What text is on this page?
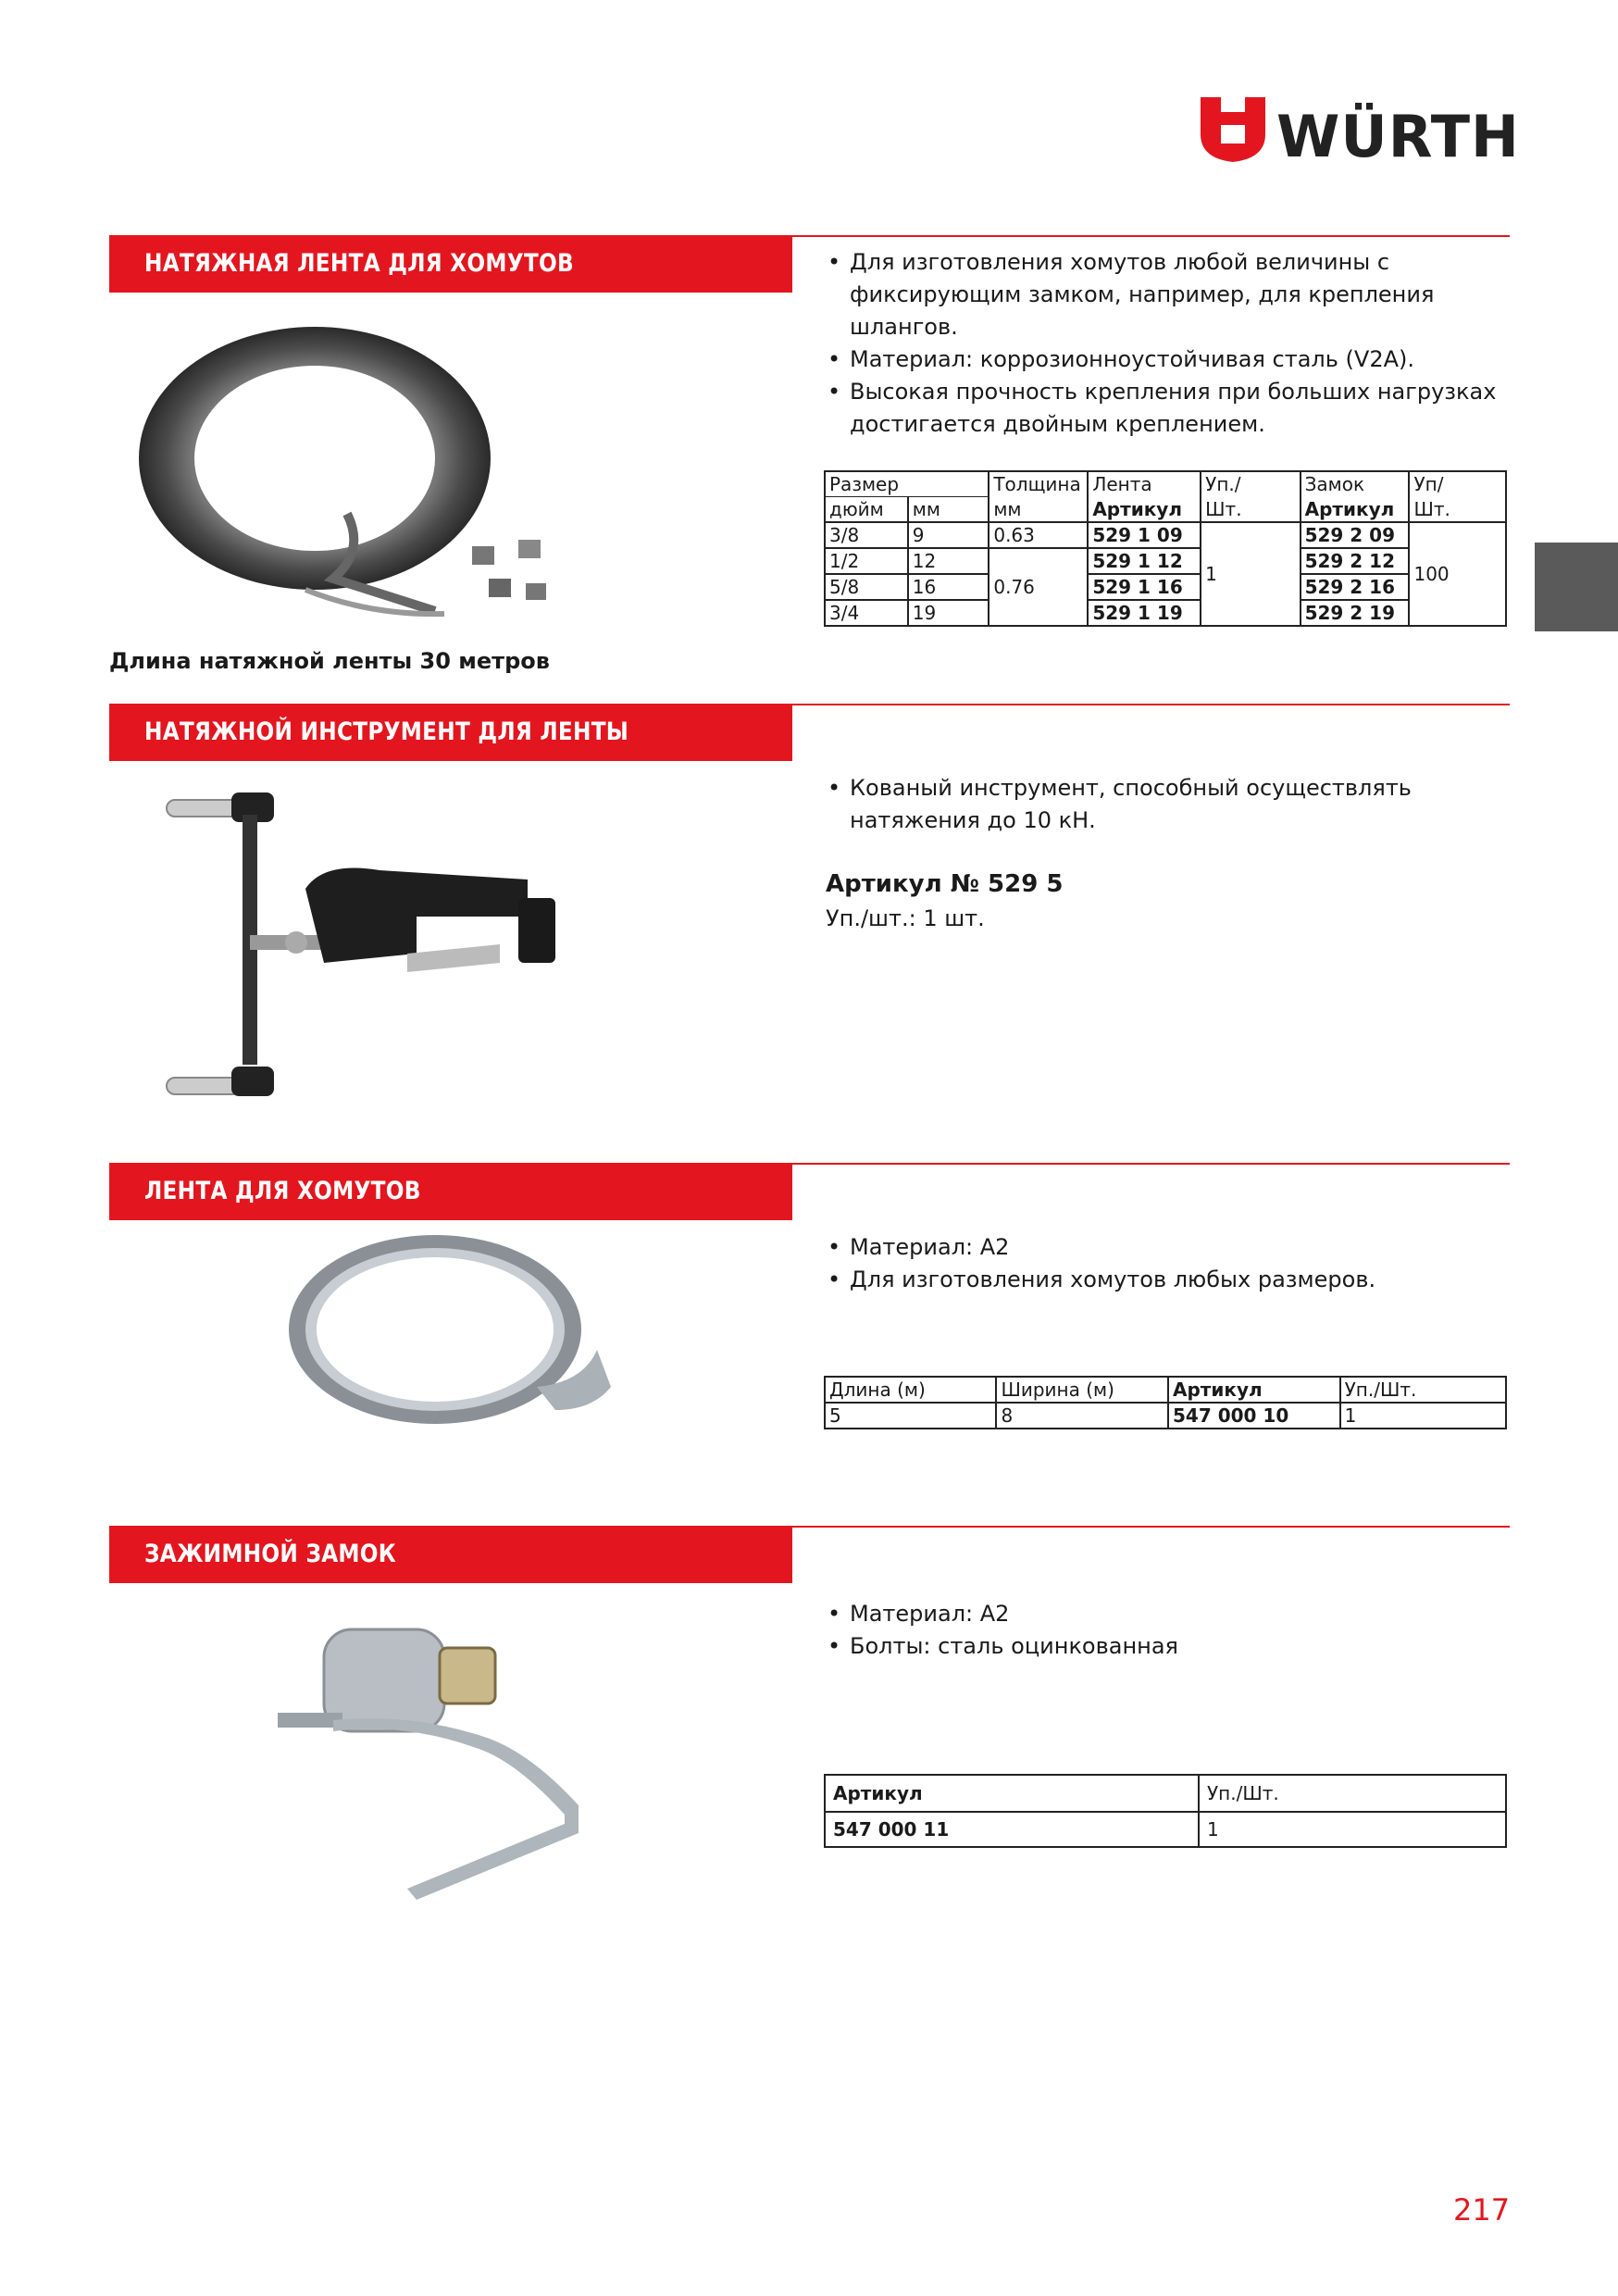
WÜRTH
НАТЯЖНАЯ ЛЕНТА ДЛЯ ХОМУТОВ	• Для изготовления хомутов любой величины с фиксирующим замком, например, для крепления шлангов.
• Материал: коррозионноустойчивая сталь (V2A).
• Высокая прочность крепления при больших нагрузках достигается двойным креплением.
Длина натяжной ленты 30 метров
Размер		Толщина	Лента	Уп./	Замок	Уп/
дюйм	мм	мм	Артикул	Шт.	Артикул	Шт.
3/8	9	0.63	529 1 09	1	529 2 09	100
1/2	12	0.76	529 1 12		529 2 12	
5/8	16		529 1 16		529 2 16	
3/4	19		529 1 19		529 2 19	
НАТЯЖНОЙ ИНСТРУМЕНТ ДЛЯ ЛЕНТЫ
• Кованый инструмент, способный осуществлять натяжения до 10 кН.
Артикул № 529 5
Уп./шт.: 1 шт.
ЛЕНТА ДЛЯ ХОМУТОВ
• Материал: A2
• Для изготовления хомутов любых размеров.
Длина (м)	Ширина (м)	Артикул	Уп./Шт.
5	8	547 000 10	1
ЗАЖИМНОЙ ЗАМОК
• Материал: A2
• Болты: сталь оцинкованная
Артикул	Уп./Шт.
547 000 11	1
217
